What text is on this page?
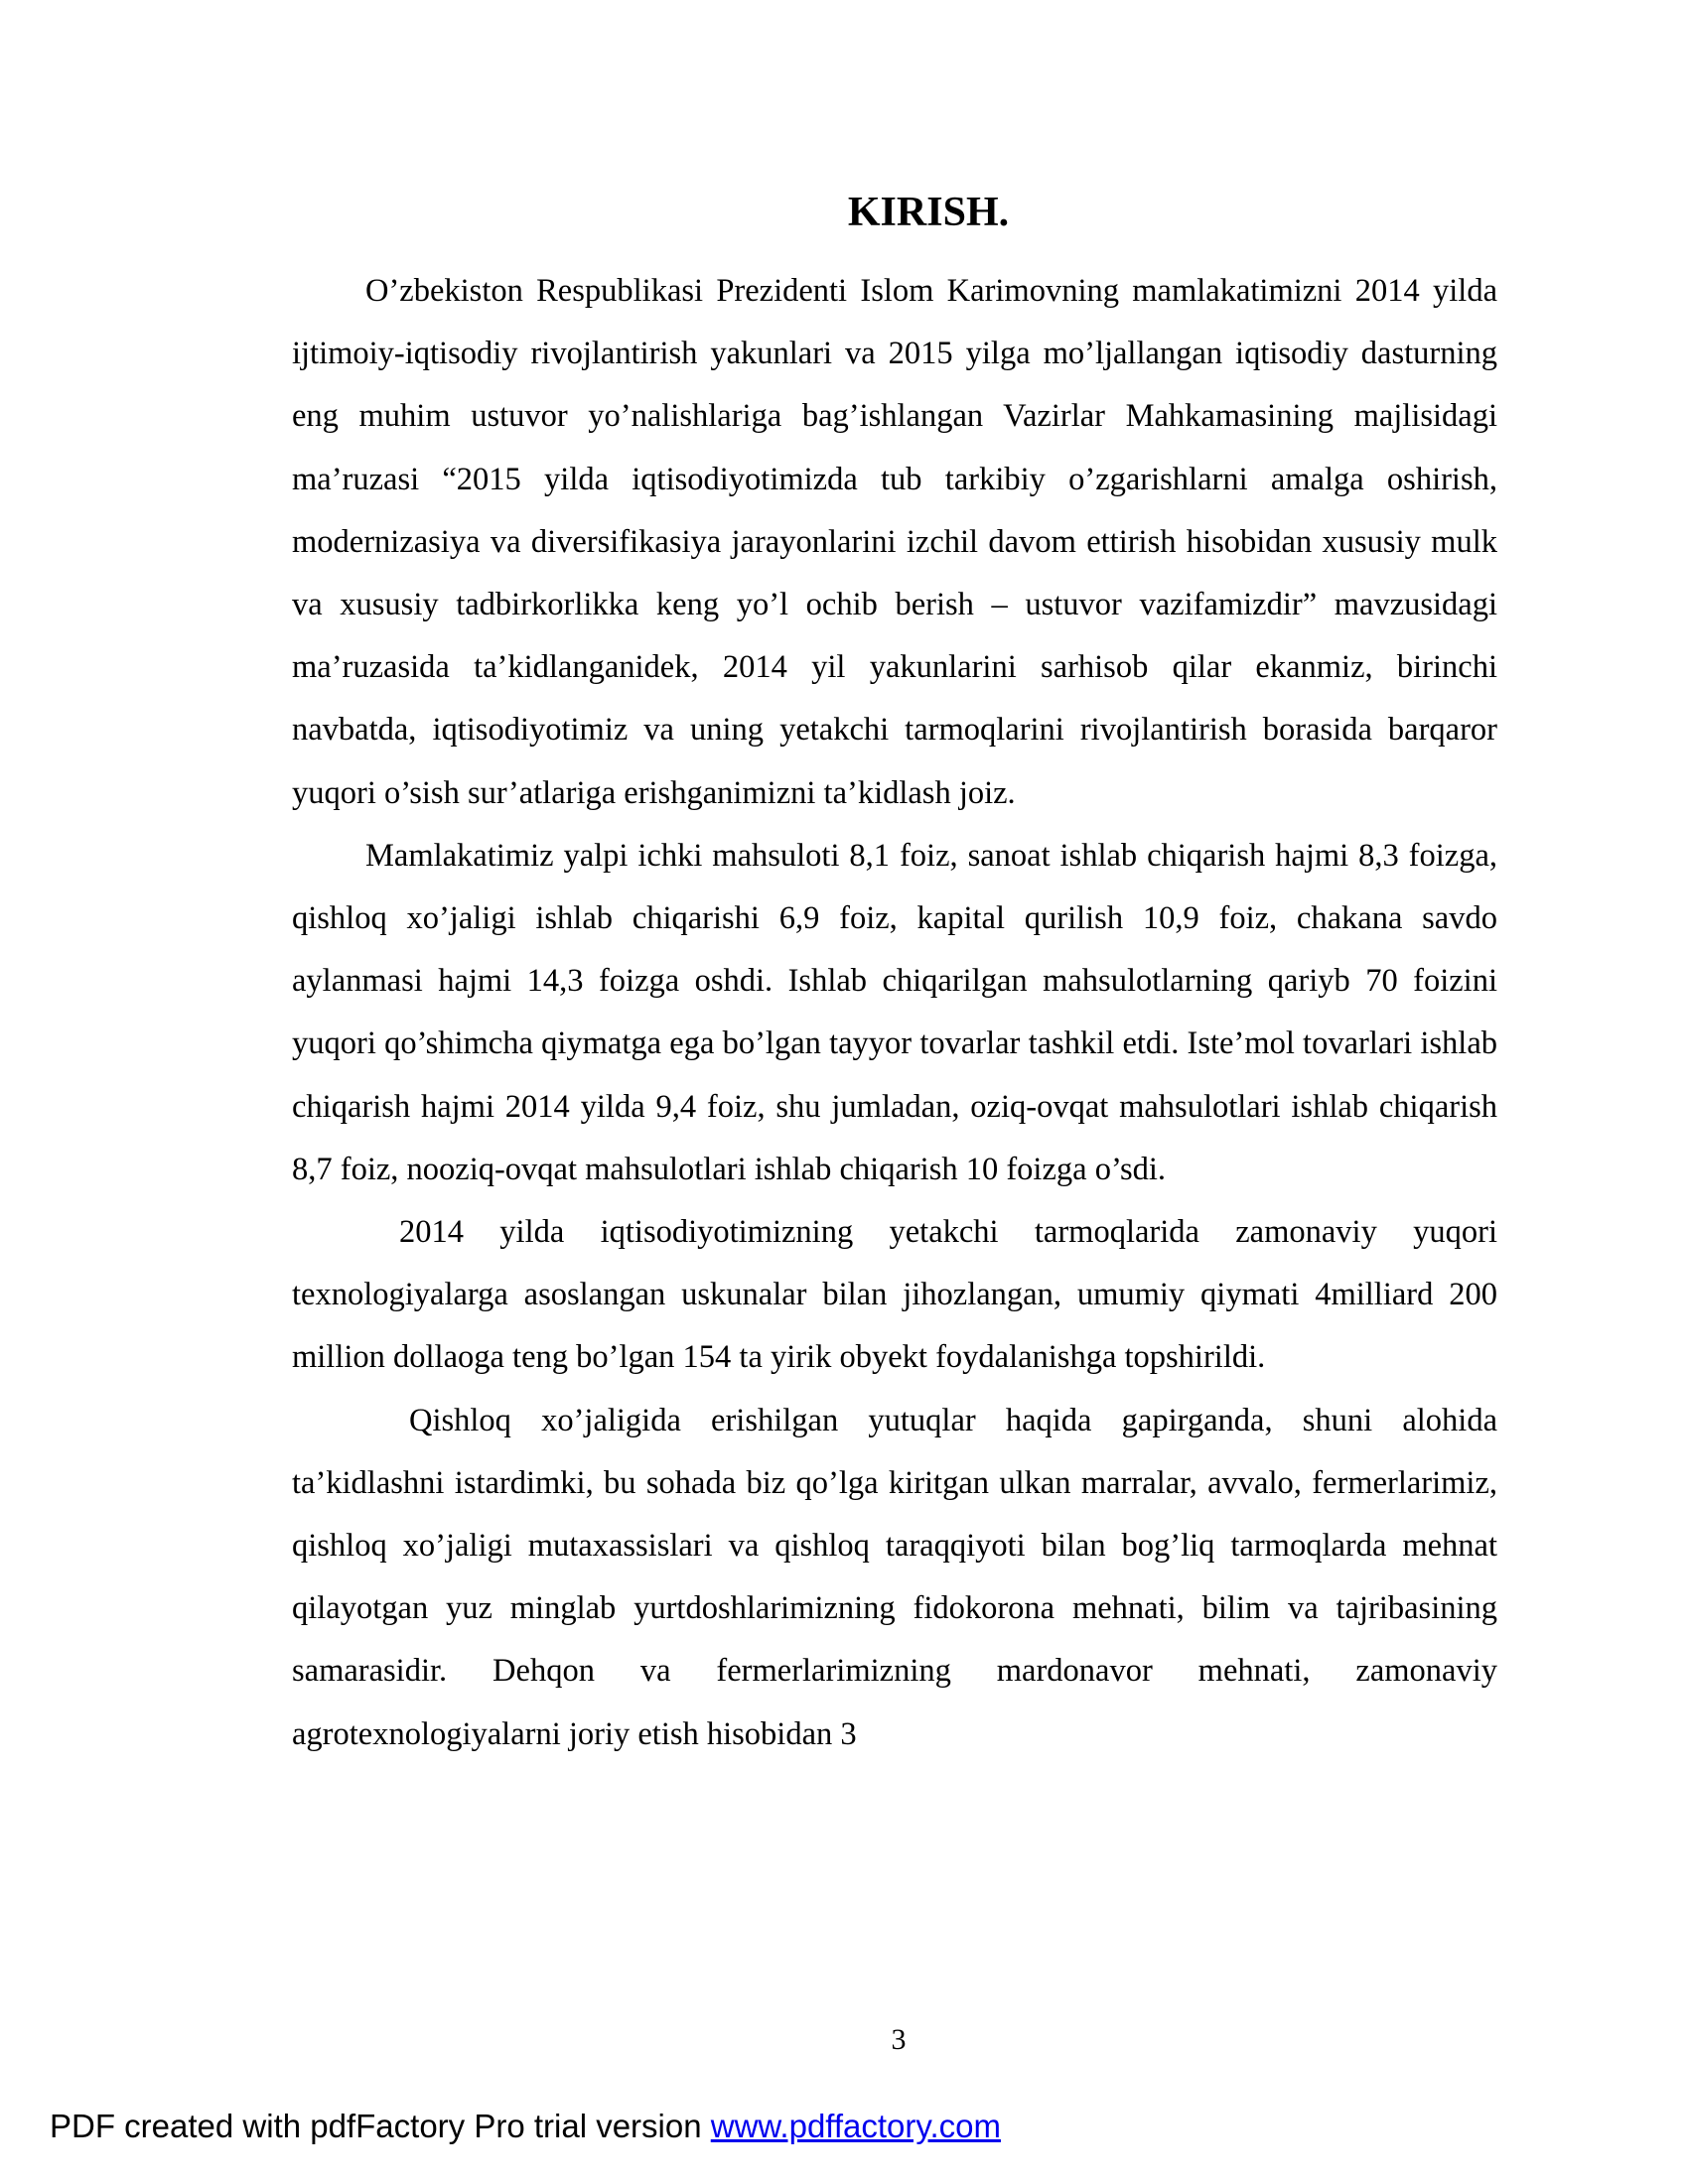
KIRISH.

O’zbekiston Respublikasi Prezidenti Islom Karimovning mamlakatimizni 2014 yilda ijtimoiy-iqtisodiy rivojlantirish yakunlari va 2015 yilga mo’ljallangan iqtisodiy dasturning eng muhim ustuvor yo’nalishlariga bag’ishlangan Vazirlar Mahkamasining majlisidagi ma’ruzasi “2015 yilda iqtisodiyotimizda tub tarkibiy o’zgarishlarni amalga oshirish, modernizasiya va diversifikasiya jarayonlarini izchil davom ettirish hisobidan xususiy mulk va xususiy tadbirkorlikka keng yo’l ochib berish – ustuvor vazifamizdir” mavzusidagi ma’ruzasida ta’kidlanganidek, 2014 yil yakunlarini sarhisob qilar ekanmiz, birinchi navbatda, iqtisodiyotimiz va uning yetakchi tarmoqlarini rivojlantirish borasida barqaror yuqori o’sish sur’atlariga erishganimizni ta’kidlash joiz.

Mamlakatimiz yalpi ichki mahsuloti 8,1 foiz, sanoat ishlab chiqarish hajmi 8,3 foizga, qishloq xo’jaligi ishlab chiqarishi 6,9 foiz, kapital qurilish 10,9 foiz, chakana savdo aylanmasi hajmi 14,3 foizga oshdi. Ishlab chiqarilgan mahsulotlarning qariyb 70 foizini yuqori qo’shimcha qiymatga ega bo’lgan tayyor tovarlar tashkil etdi. Iste’mol tovarlari ishlab chiqarish hajmi 2014 yilda 9,4 foiz, shu jumladan, oziq-ovqat mahsulotlari ishlab chiqarish 8,7 foiz, nooziq-ovqat mahsulotlari ishlab chiqarish 10 foizga o’sdi.

2014 yilda iqtisodiyotimizning yetakchi tarmoqlarida zamonaviy yuqori texnologiyalarga asoslangan uskunalar bilan jihozlangan, umumiy qiymati 4milliard 200 million dollaoga teng bo’lgan 154 ta yirik obyekt foydalanishga topshirildi.

Qishloq xo’jaligida erishilgan yutuqlar haqida gapirganda, shuni alohida ta’kidlashni istardimki, bu sohada biz qo’lga kiritgan ulkan marralar, avvalo, fermerlarimiz, qishloq xo’jaligi mutaxassislari va qishloq taraqqiyoti bilan bog’liq tarmoqlarda mehnat qilayotgan yuz minglab yurtdoshlarimizning fidokorona mehnati, bilim va tajribasining samarasidir. Dehqon va fermerlarimizning mardonavor mehnati, zamonaviy agrotexnologiyalarni joriy etish hisobidan 3

3
PDF created with pdfFactory Pro trial version www.pdffactory.com
